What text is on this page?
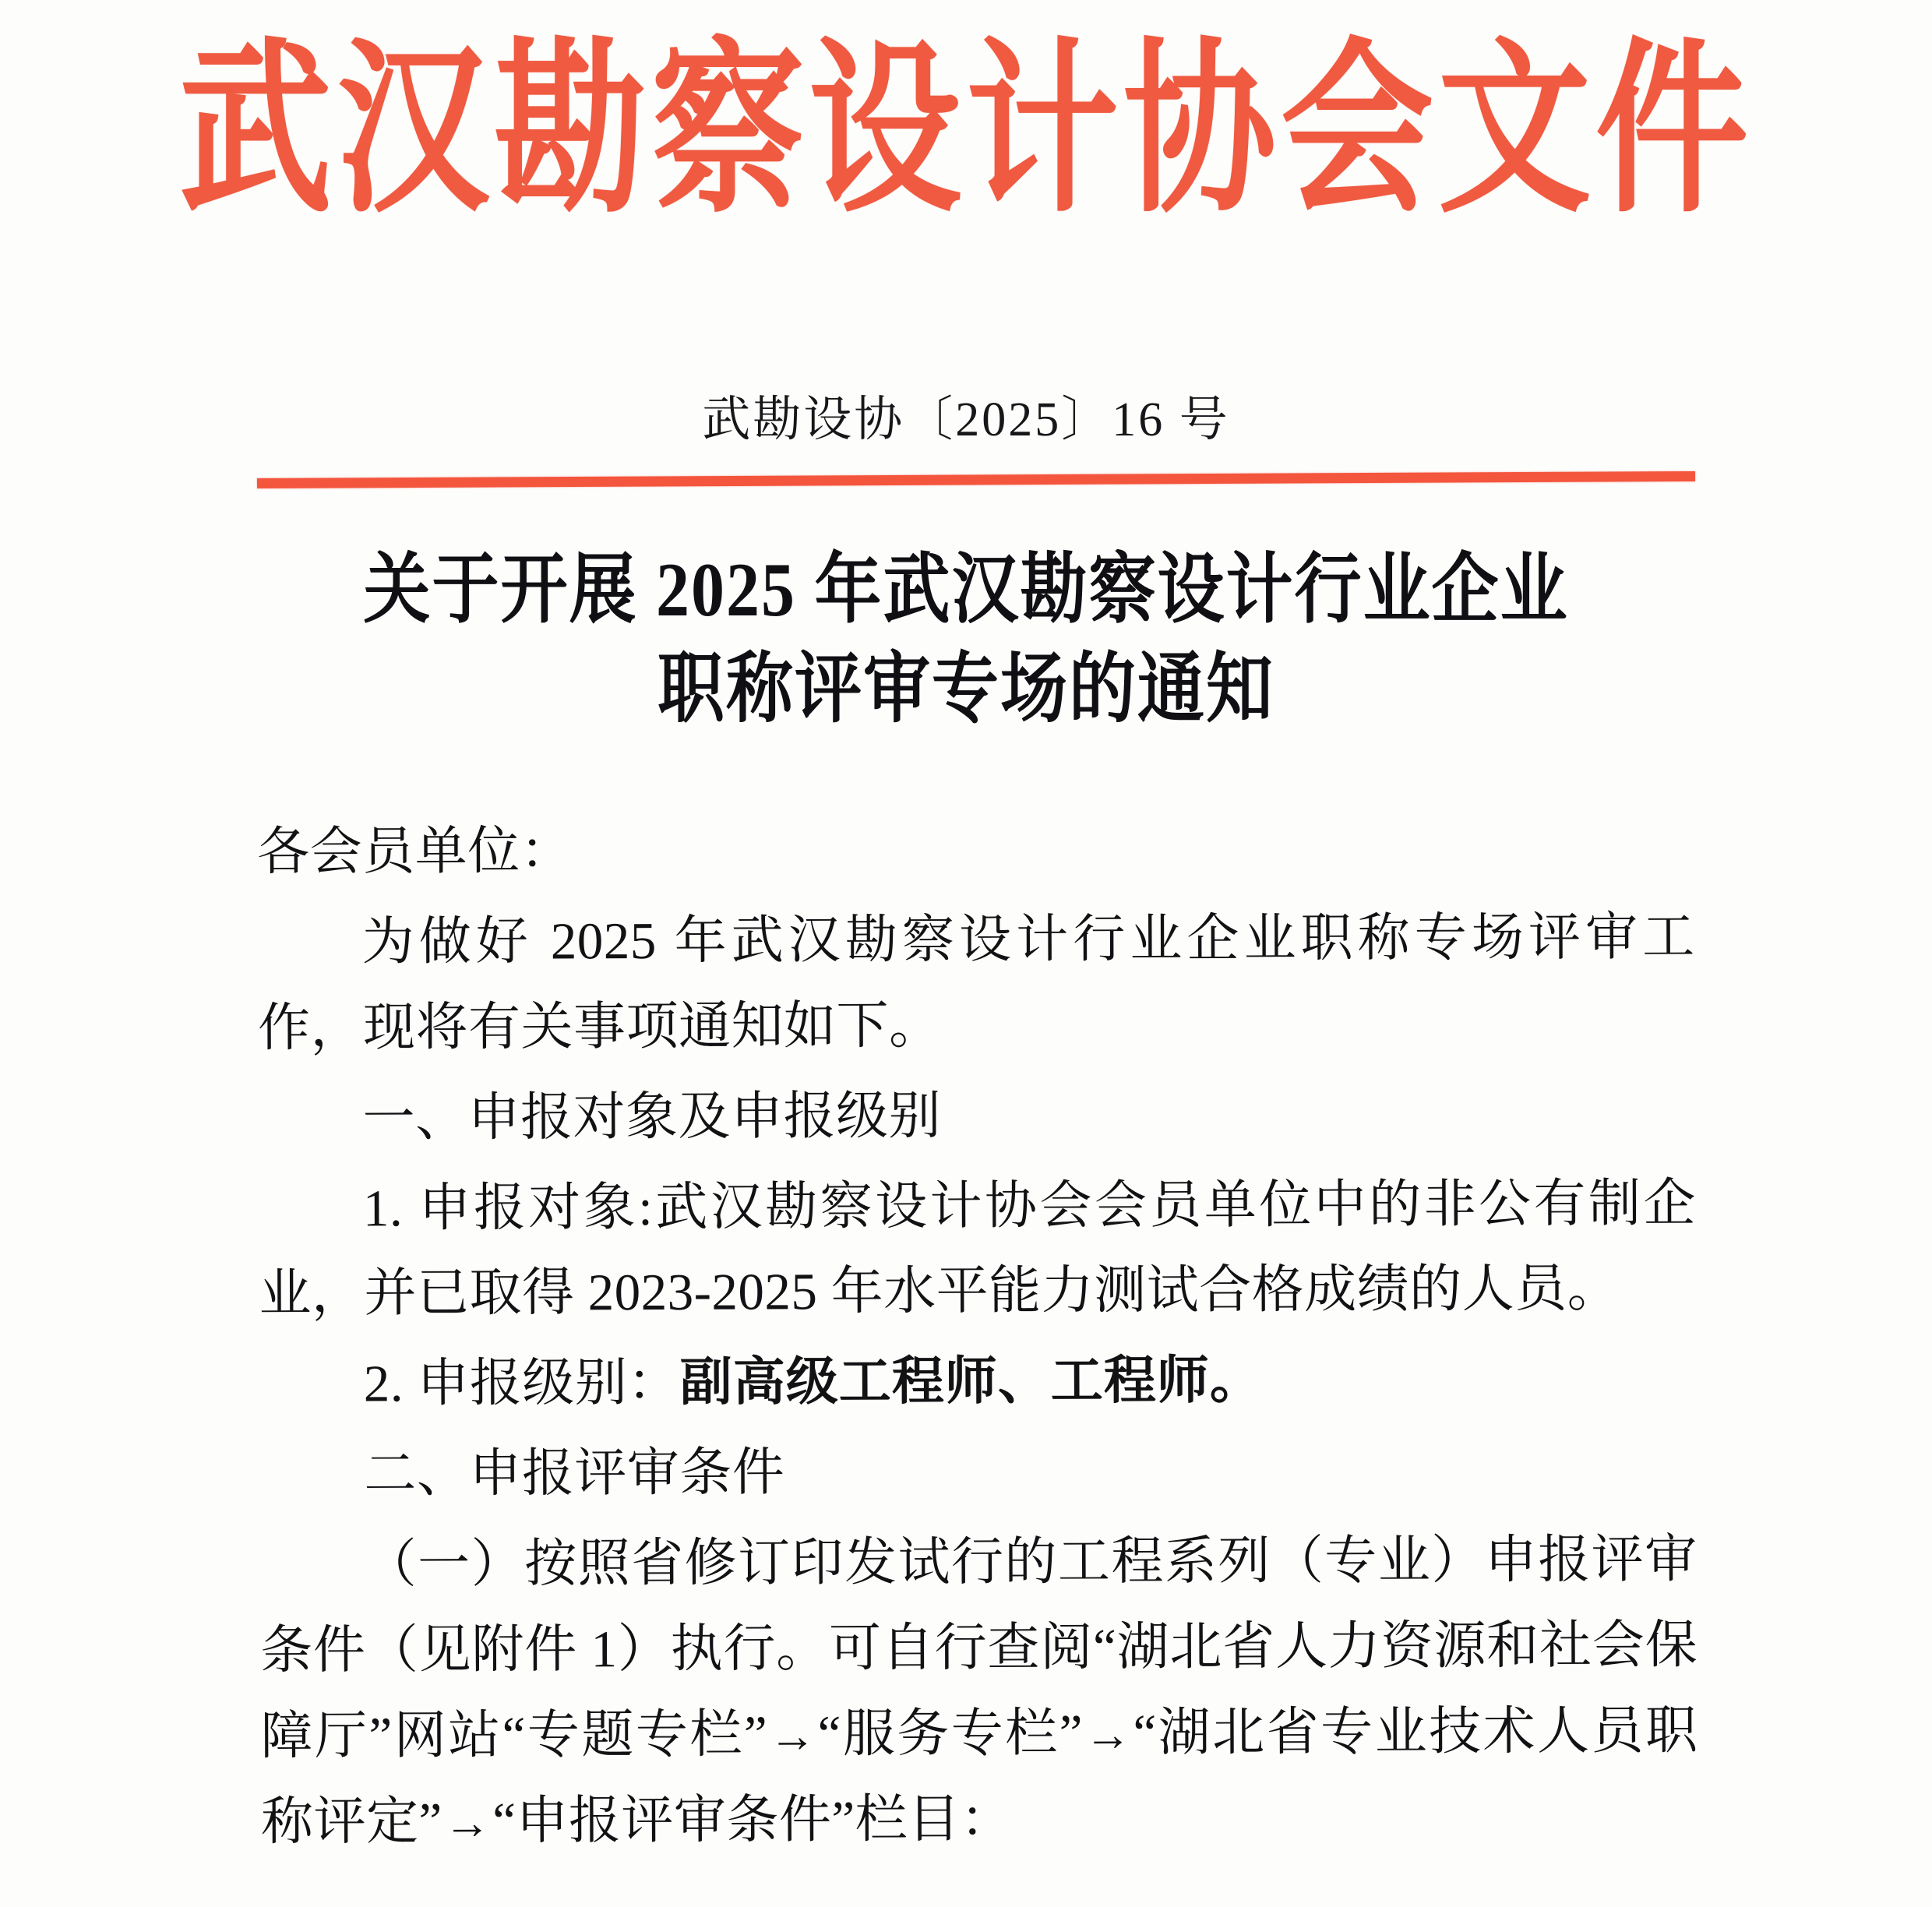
武汉勘察设计协会文件
武勘设协〔2025〕16 号
关于开展 2025 年武汉勘察设计行业企业
职称评审专场的通知

各会员单位：

为做好 2025 年武汉勘察设计行业企业职称专场评审工作，现将有关事项通知如下。

一、申报对象及申报级别

1. 申报对象:武汉勘察设计协会会员单位中的非公有制企业，并已取得 2023-2025 年水平能力测试合格成绩的人员。

2. 申报级别：副高级工程师、工程师。

二、申报评审条件

（一）按照省修订印发试行的工程系列（专业）申报评审条件（见附件 1）执行。可自行查阅“湖北省人力资源和社会保障厅”网站“专题专栏”→“服务专栏”→“湖北省专业技术人员职称评定”→“申报评审条件”栏目：
